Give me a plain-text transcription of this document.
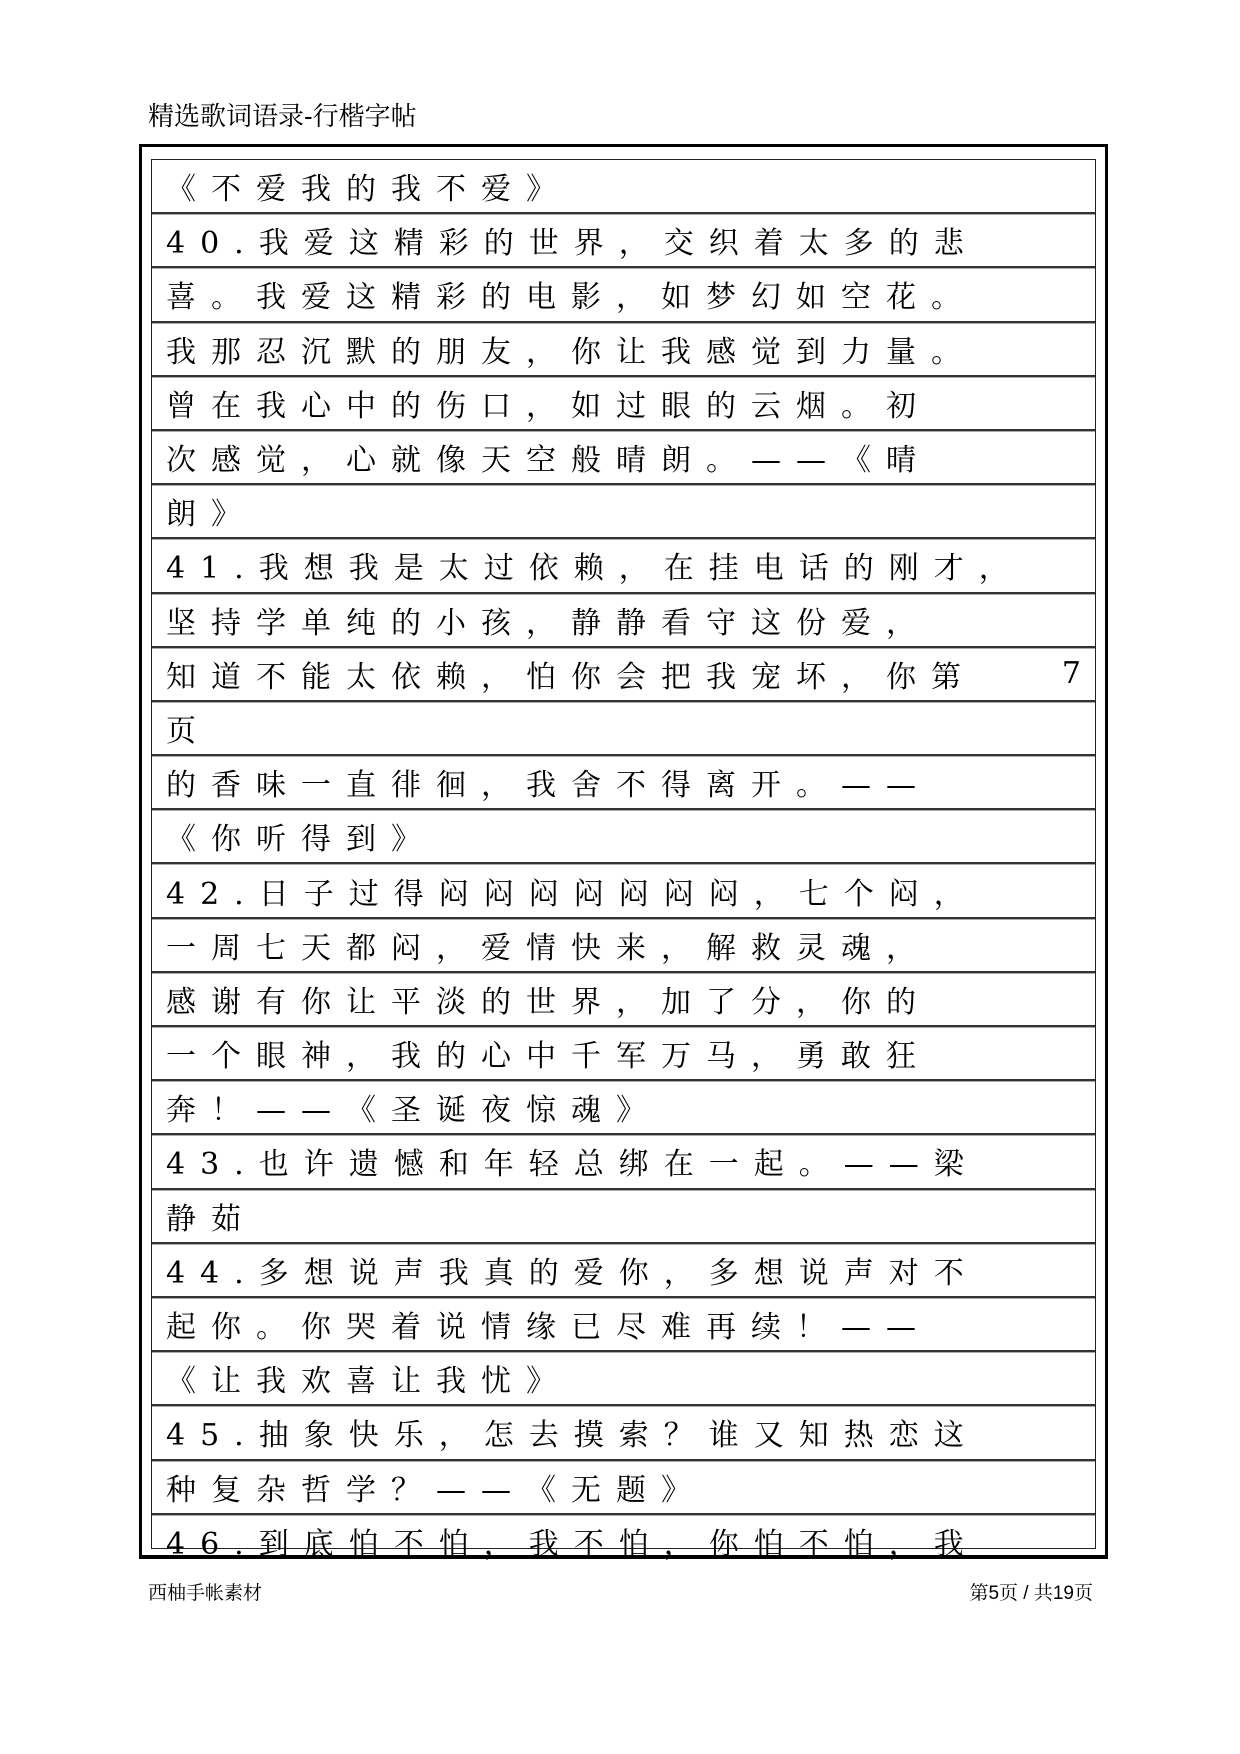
精选歌词语录-行楷字帖
《不爱我的我不爱》
40.我爱这精彩的世界，交织着太多的悲
喜。我爱这精彩的电影，如梦幻如空花。
我那忍沉默的朋友，你让我感觉到力量。
曾在我心中的伤口，如过眼的云烟。初
次感觉，心就像天空般晴朗。——《晴
朗》
41.我想我是太过依赖，在挂电话的刚才，
坚持学单纯的小孩，静静看守这份爱，
知道不能太依赖，怕你会把我宠坏，你第	7
页
的香味一直徘徊，我舍不得离开。——
《你听得到》
42.日子过得闷闷闷闷闷闷闷，七个闷，
一周七天都闷，爱情快来，解救灵魂，
感谢有你让平淡的世界，加了分，你的
一个眼神，我的心中千军万马，勇敢狂
奔！——《圣诞夜惊魂》
43.也许遗憾和年轻总绑在一起。——梁
静茹
44.多想说声我真的爱你，多想说声对不
起你。你哭着说情缘已尽难再续！——
《让我欢喜让我忧》
45.抽象快乐，怎去摸索？谁又知热恋这
种复杂哲学？——《无题》
46.到底怕不怕，我不怕，你怕不怕，我
西柚手帐素材	第5页 / 共19页
